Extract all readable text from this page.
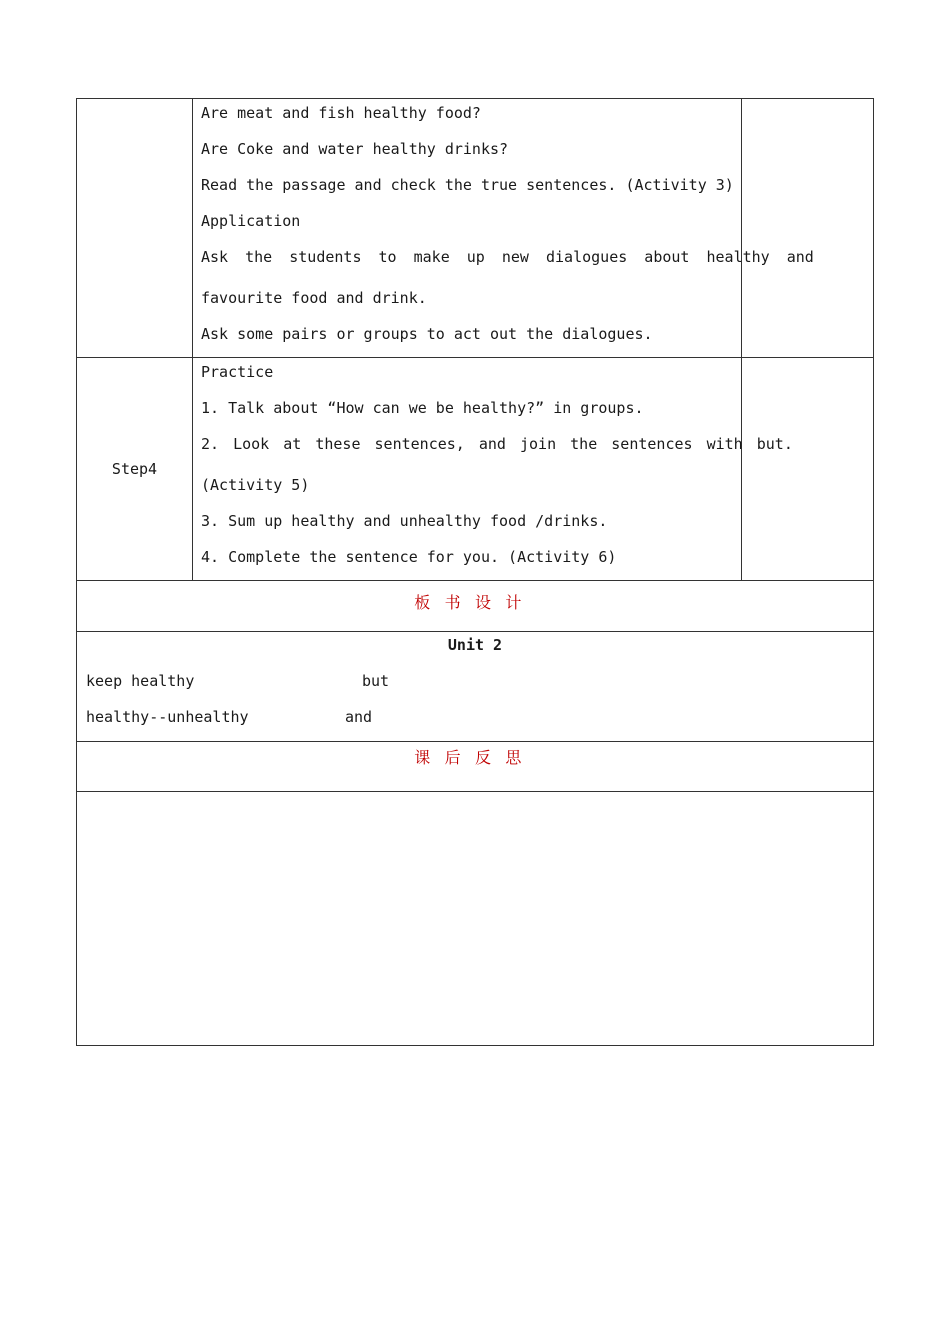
Are meat and fish healthy food?
Are Coke and water healthy drinks?
Read the passage and check the true sentences. (Activity 3)
Application
Ask the students to make up new dialogues about healthy and
favourite food and drink.
Ask some pairs or groups to act out the dialogues.
Step4
Practice
1. Talk about “How can we be healthy?” in groups.
2. Look at these sentences, and join the sentences with but.
(Activity 5)
3. Sum up healthy and unhealthy food /drinks.
4. Complete the sentence for you. (Activity 6)
板书设计
Unit 2
keep healthy	but
healthy--unhealthy	and
课后反思
